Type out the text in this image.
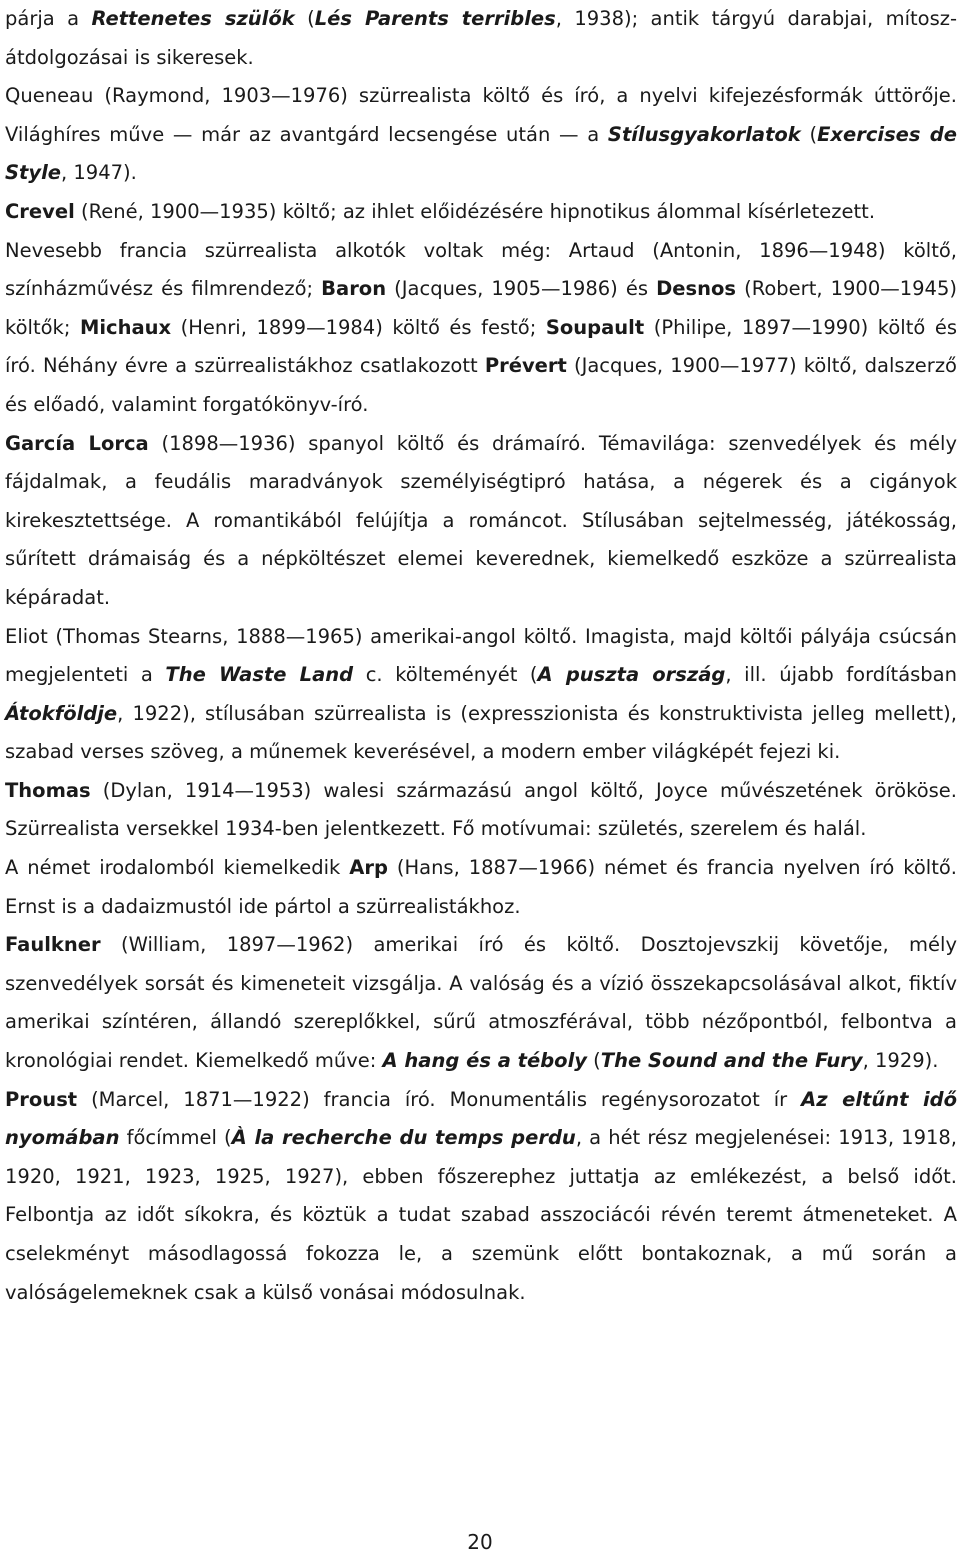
párja a Rettenetes szülők (Lés Parents terribles, 1938); antik tárgyú darabjai, mítosz-átdolgozásai is sikeresek.

Queneau (Raymond, 1903—1976) szürrealista költő és író, a nyelvi kifejezésformák úttörője. Világhíres műve — már az avantgárd lecsengése után — a Stílusgyakorlatok (Exercises de Style, 1947).

Crevel (René, 1900—1935) költő; az ihlet előidézésére hipnotikus álommal kísérletezett.

Nevesebb francia szürrealista alkotók voltak még: Artaud (Antonin, 1896—1948) költő, színházművész és filmrendező; Baron (Jacques, 1905—1986) és Desnos (Robert, 1900—1945) költők; Michaux (Henri, 1899—1984) költő és festő; Soupault (Philipe, 1897—1990) költő és író. Néhány évre a szürrealistákhoz csatlakozott Prévert (Jacques, 1900—1977) költő, dalszerző és előadó, valamint forgatókönyv-író.

García Lorca (1898—1936) spanyol költő és drámaíró. Témavilága: szenvedélyek és mély fájdalmak, a feudális maradványok személyiségtipró hatása, a négerek és a cigányok kirekesztettsége. A romantikából felújítja a románcot. Stílusában sejtelmesség, játékosság, sűrített drámaiság és a népköltészet elemei keverednek, kiemelkedő eszköze a szürrealista képáradat.

Eliot (Thomas Stearns, 1888—1965) amerikai-angol költő. Imagista, majd költői pályája csúcsán megjelenteti a The Waste Land c. költeményét (A puszta ország, ill. újabb fordításban Átokföldje, 1922), stílusában szürrealista is (expresszionista és konstruktivista jelleg mellett), szabad verses szöveg, a műnemek keverésével, a modern ember világképét fejezi ki.

Thomas (Dylan, 1914—1953) walesi származású angol költő, Joyce művészetének örököse. Szürrealista versekkel 1934-ben jelentkezett. Fő motívumai: születés, szerelem és halál.

A német irodalomból kiemelkedik Arp (Hans, 1887—1966) német és francia nyelven író költő. Ernst is a dadaizmustól ide pártol a szürrealistákhoz.

Faulkner (William, 1897—1962) amerikai író és költő. Dosztojevszkij követője, mély szenvedélyek sorsát és kimeneteit vizsgálja. A valóság és a vízió összekapcsolásával alkot, fiktív amerikai színtéren, állandó szereplőkkel, sűrű atmoszférával, több nézőpontból, felbontva a kronológiai rendet. Kiemelkedő műve: A hang és a téboly (The Sound and the Fury, 1929).

Proust (Marcel, 1871—1922) francia író. Monumentális regénysorozatot ír Az eltűnt idő nyomában főcímmel (À la recherche du temps perdu, a hét rész megjelenései: 1913, 1918, 1920, 1921, 1923, 1925, 1927), ebben főszerephez juttatja az emlékezést, a belső időt. Felbontja az időt síkokra, és köztük a tudat szabad asszociácói révén teremt átmeneteket. A cselekményt másodlagossá fokozza le, a szemünk előtt bontakoznak, a mű során a valóságelemeknek csak a külső vonásai módosulnak.

20
